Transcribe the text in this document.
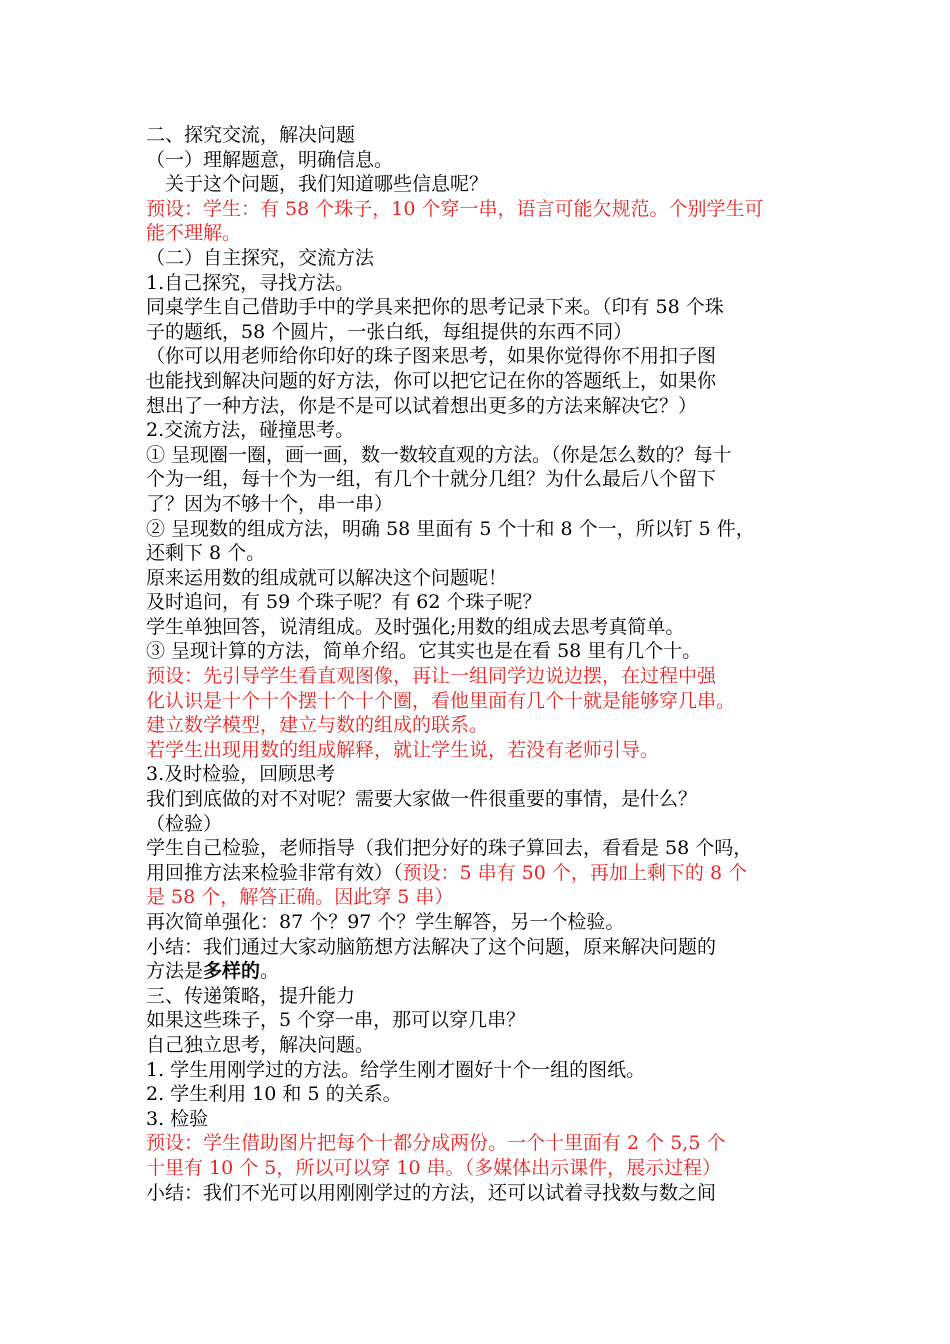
二、探究交流，解决问题

（一）理解题意，明确信息。

关于这个问题，我们知道哪些信息呢？

预设：学生：有 58 个珠子，10 个穿一串，语言可能欠规范。个别学生可

能不理解。

（二）自主探究，交流方法

1.自己探究，寻找方法。

同桌学生自己借助手中的学具来把你的思考记录下来。（印有 58 个珠

子的题纸，58 个圆片，一张白纸，每组提供的东西不同）

（你可以用老师给你印好的珠子图来思考，如果你觉得你不用扣子图

也能找到解决问题的好方法，你可以把它记在你的答题纸上，如果你

想出了一种方法，你是不是可以试着想出更多的方法来解决它？）

2.交流方法，碰撞思考。

① 呈现圈一圈，画一画，数一数较直观的方法。（你是怎么数的？每十

个为一组，每十个为一组，有几个十就分几组？为什么最后八个留下

了？因为不够十个，串一串）

② 呈现数的组成方法，明确 58 里面有 5 个十和 8 个一，所以钉 5 件，

还剩下 8 个。

原来运用数的组成就可以解决这个问题呢！

及时追问，有 59 个珠子呢？有 62 个珠子呢？

学生单独回答，说清组成。及时强化;用数的组成去思考真简单。

③ 呈现计算的方法，简单介绍。它其实也是在看 58 里有几个十。

预设：先引导学生看直观图像，再让一组同学边说边摆，在过程中强

化认识是十个十个摆十个十个圈，看他里面有几个十就是能够穿几串。

建立数学模型，建立与数的组成的联系。

若学生出现用数的组成解释，就让学生说，若没有老师引导。

3.及时检验，回顾思考

我们到底做的对不对呢？需要大家做一件很重要的事情，是什么？

（检验）

学生自己检验，老师指导（我们把分好的珠子算回去，看看是 58 个吗，

用回推方法来检验非常有效）（预设：5 串有 50 个，再加上剩下的 8 个

是 58 个，解答正确。因此穿 5 串）

再次简单强化：87 个？97 个？学生解答，另一个检验。

小结：我们通过大家动脑筋想方法解决了这个问题，原来解决问题的

方法是多样的。

三、传递策略，提升能力

如果这些珠子，5 个穿一串，那可以穿几串？

自己独立思考，解决问题。

1. 学生用刚学过的方法。给学生刚才圈好十个一组的图纸。

2. 学生利用 10 和 5 的关系。

3. 检验

预设：学生借助图片把每个十都分成两份。一个十里面有 2 个 5,5 个

十里有 10 个 5，所以可以穿 10 串。（多媒体出示课件，展示过程）

小结：我们不光可以用刚刚学过的方法，还可以试着寻找数与数之间
